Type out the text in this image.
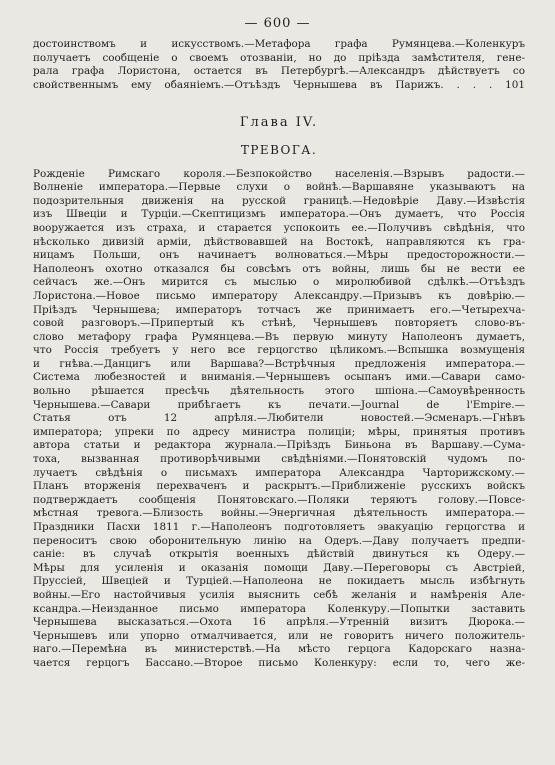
— 600 —
достоинствомъ и искусствомъ.—Метафора графа Румянцева.—Коленкуръ
получаетъ сообщеніе о своемъ отозваніи, но до прiѣзда замѣстителя, гене-
рала графа Лористона, остается въ Петербургѣ.—Александръ дѣйствуетъ со
свойственнымъ ему обаяніемъ.—Отъѣздъ Чернышева въ Парижъ. . . . 101
Глава IV.
ТРЕВОГА.
Рожденіе Римскаго короля.—Безпокойство населенія.—Взрывъ радости.—
Волненіе императора.—Первые слухи о войнѣ.—Варшавяне указываютъ на
подозрительныя движенія на русской границѣ.—Недовѣріе Даву.—Извѣстія
изъ Швеціи и Турціи.—Скептицизмъ императора.—Онъ думаетъ, что Россія
вооружается изъ страха, и старается успокоить ее.—Получивъ свѣдѣнія, что
нѣсколько дивизій арміи, дѣйствовавшей на Востокѣ, направляются къ гра-
ницамъ Польши, онъ начинаетъ волноваться.—Мѣры предосторожности.—
Наполеонъ охотно отказался бы совсѣмъ отъ войны, лишь бы не вести ее
сейчасъ же.—Онъ мирится съ мыслью о миролюбивой сдѣлкѣ.—Отъѣздъ
Лористона.—Новое письмо императору Александру.—Призывъ къ довѣрію.—
Прiѣздъ Чернышева; императоръ тотчасъ же принимаетъ его.—Четырехча-
совой разговоръ.—Припертый къ стѣнѣ, Чернышевъ повторяетъ слово-въ-
слово метафору графа Румянцева.—Въ первую минуту Наполеонъ думаетъ,
что Россія требуетъ у него все герцогство цѣликомъ.—Вспышка возмущенія
и гнѣва.—Данцигъ или Варшава?—Встрѣчныя предложенія императора.—
Система любезностей и вниманія.—Чернышевъ осыпанъ ими.—Савари само-
вольно рѣшается пресѣчь дѣятельность этого шпіона.—Самоувѣренность
Чернышева.—Савари прибѣгаетъ къ печати.—Journal de l'Empire.—
Статья отъ 12 апрѣля.—Любители новостей.—Эсменаръ.—Гнѣвъ
императора; упреки по адресу министра полиціи; мѣры, принятыя противъ
автора статьи и редактора журнала.—Прiѣздъ Биньона въ Варшаву.—Сума-
тоха, вызванная противорѣчивыми свѣдѣніями.—Понятовскій чудомъ по-
лучаетъ свѣдѣнія о письмахъ императора Александра Чарторижскому.—
Планъ вторженія перехваченъ и раскрытъ.—Приближеніе русскихъ войскъ
подтверждаетъ сообщенія Понятовскаго.—Поляки теряютъ голову.—Повсе-
мѣстная тревога.—Близость войны.—Энергичная дѣятельность императора.—
Праздники Пасхи 1811 г.—Наполеонъ подготовляетъ эвакуацію герцогства и
переноситъ свою оборонительную линію на Одеръ.—Даву получаетъ предпи-
саніе: въ случаѣ открытія военныхъ дѣйствій двинуться къ Одеру.—
Мѣры для усиленія и оказанія помощи Даву.—Переговоры съ Австріей,
Пруссіей, Швеціей и Турціей.—Наполеона не покидаетъ мысль избѣгнуть
войны.—Его настойчивыя усилія выяснить себѣ желанія и намѣренія Але-
ксандра.—Неизданное письмо императора Коленкуру.—Попытки заставить
Чернышева высказаться.—Охота 16 апрѣля.—Утренній визитъ Дюрока.—
Чернышевъ или упорно отмалчивается, или не говоритъ ничего положитель-
наго.—Перемѣна въ министерствѣ.—На мѣсто герцога Кадорскаго назна-
чается герцогъ Бассано.—Второе письмо Коленкуру: если то, чего же-
